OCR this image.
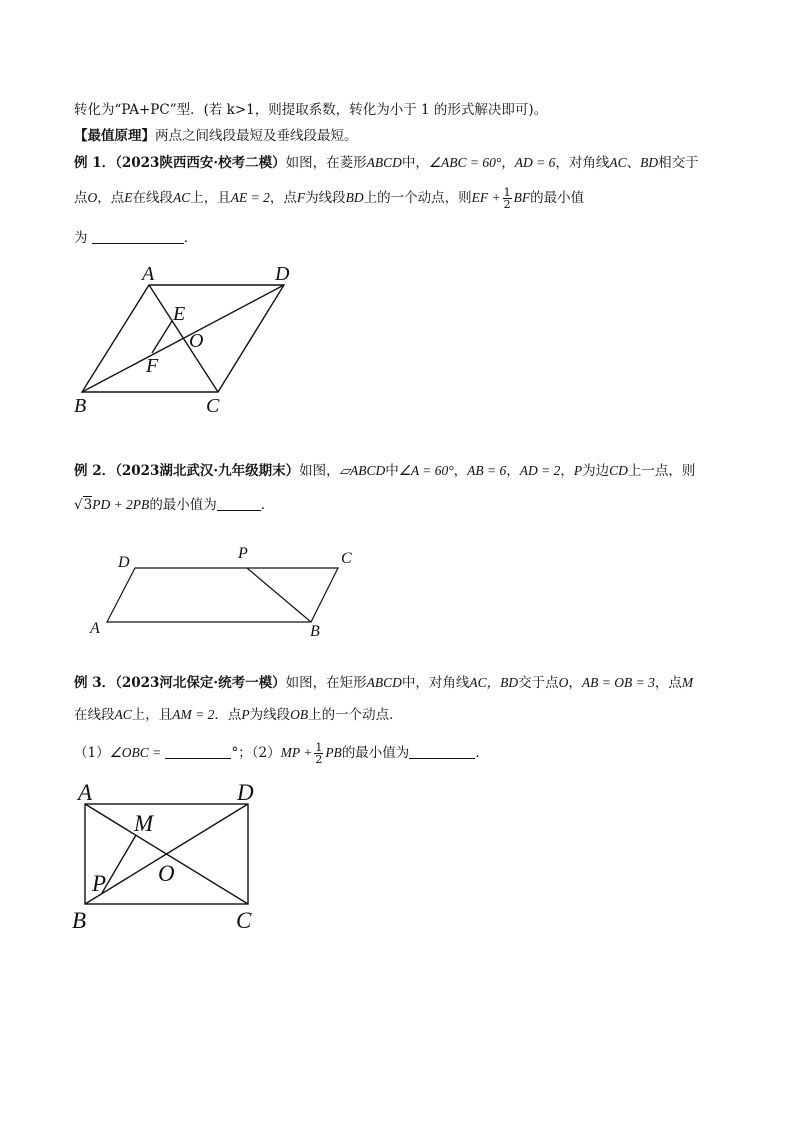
转化为“PA+PC”型．(若 k>1，则提取系数，转化为小于 1 的形式解决即可)。
【最值原理】两点之间线段最短及垂线段最短。
例 1．（2023陕西西安·校考二模）如图，在菱形ABCD中，∠ABC = 60°，AD = 6，对角线AC、BD相交于
点O，点E在线段AC上，且AE = 2，点F为线段BD上的一个动点，则EF + $\frac{1}{2}$ BF的最小值
为	．
A	D
E
O
F
B	C
例 2．（2023湖北武汉·九年级期末）如图，▱ABCD中∠A = 60°，AB = 6，AD = 2，P为边CD上一点，则
√3PD + 2PB的最小值为	．
D
P	C
A	B
例 3．（2023河北保定·统考一模）如图，在矩形ABCD中，对角线AC，BD交于点O，AB = OB = 3，点M
在线段AC上，且AM = 2．点P为线段OB上的一个动点．
（1）∠OBC =	°；$(2)MP + \frac{1}{2}$ PB的最小值为	．
A	D
M
O
P
B	C
